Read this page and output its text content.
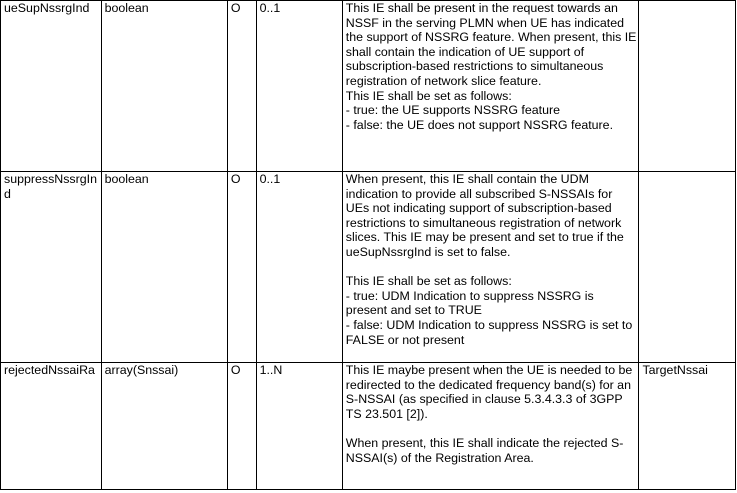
ueSupNssrgInd	boolean	O	0..1	This IE shall be present in the request towards an NSSF in the serving PLMN when UE has indicated the support of NSSRG feature. When present, this IE shall contain the indication of UE support of subscription-based restrictions to simultaneous registration of network slice feature.
This IE shall be set as follows:
- true: the UE supports NSSRG feature
- false: the UE does not support NSSRG feature.	

suppressNssrgInd	boolean	O	0..1	When present, this IE shall contain the UDM indication to provide all subscribed S-NSSAIs for UEs not indicating support of subscription-based restrictions to simultaneous registration of network slices. This IE may be present and set to true if the ueSupNssrgInd is set to false.
This IE shall be set as follows:
- true: UDM Indication to suppress NSSRG is present and set to TRUE
- false: UDM Indication to suppress NSSRG is set to FALSE or not present	

rejectedNssaiRa	array(Snssai)	O	1..N	This IE maybe present when the UE is needed to be redirected to the dedicated frequency band(s) for an S-NSSAI (as specified in clause 5.3.4.3.3 of 3GPP TS 23.501 [2]).
When present, this IE shall indicate the rejected S-NSSAI(s) of the Registration Area.	TargetNssai
